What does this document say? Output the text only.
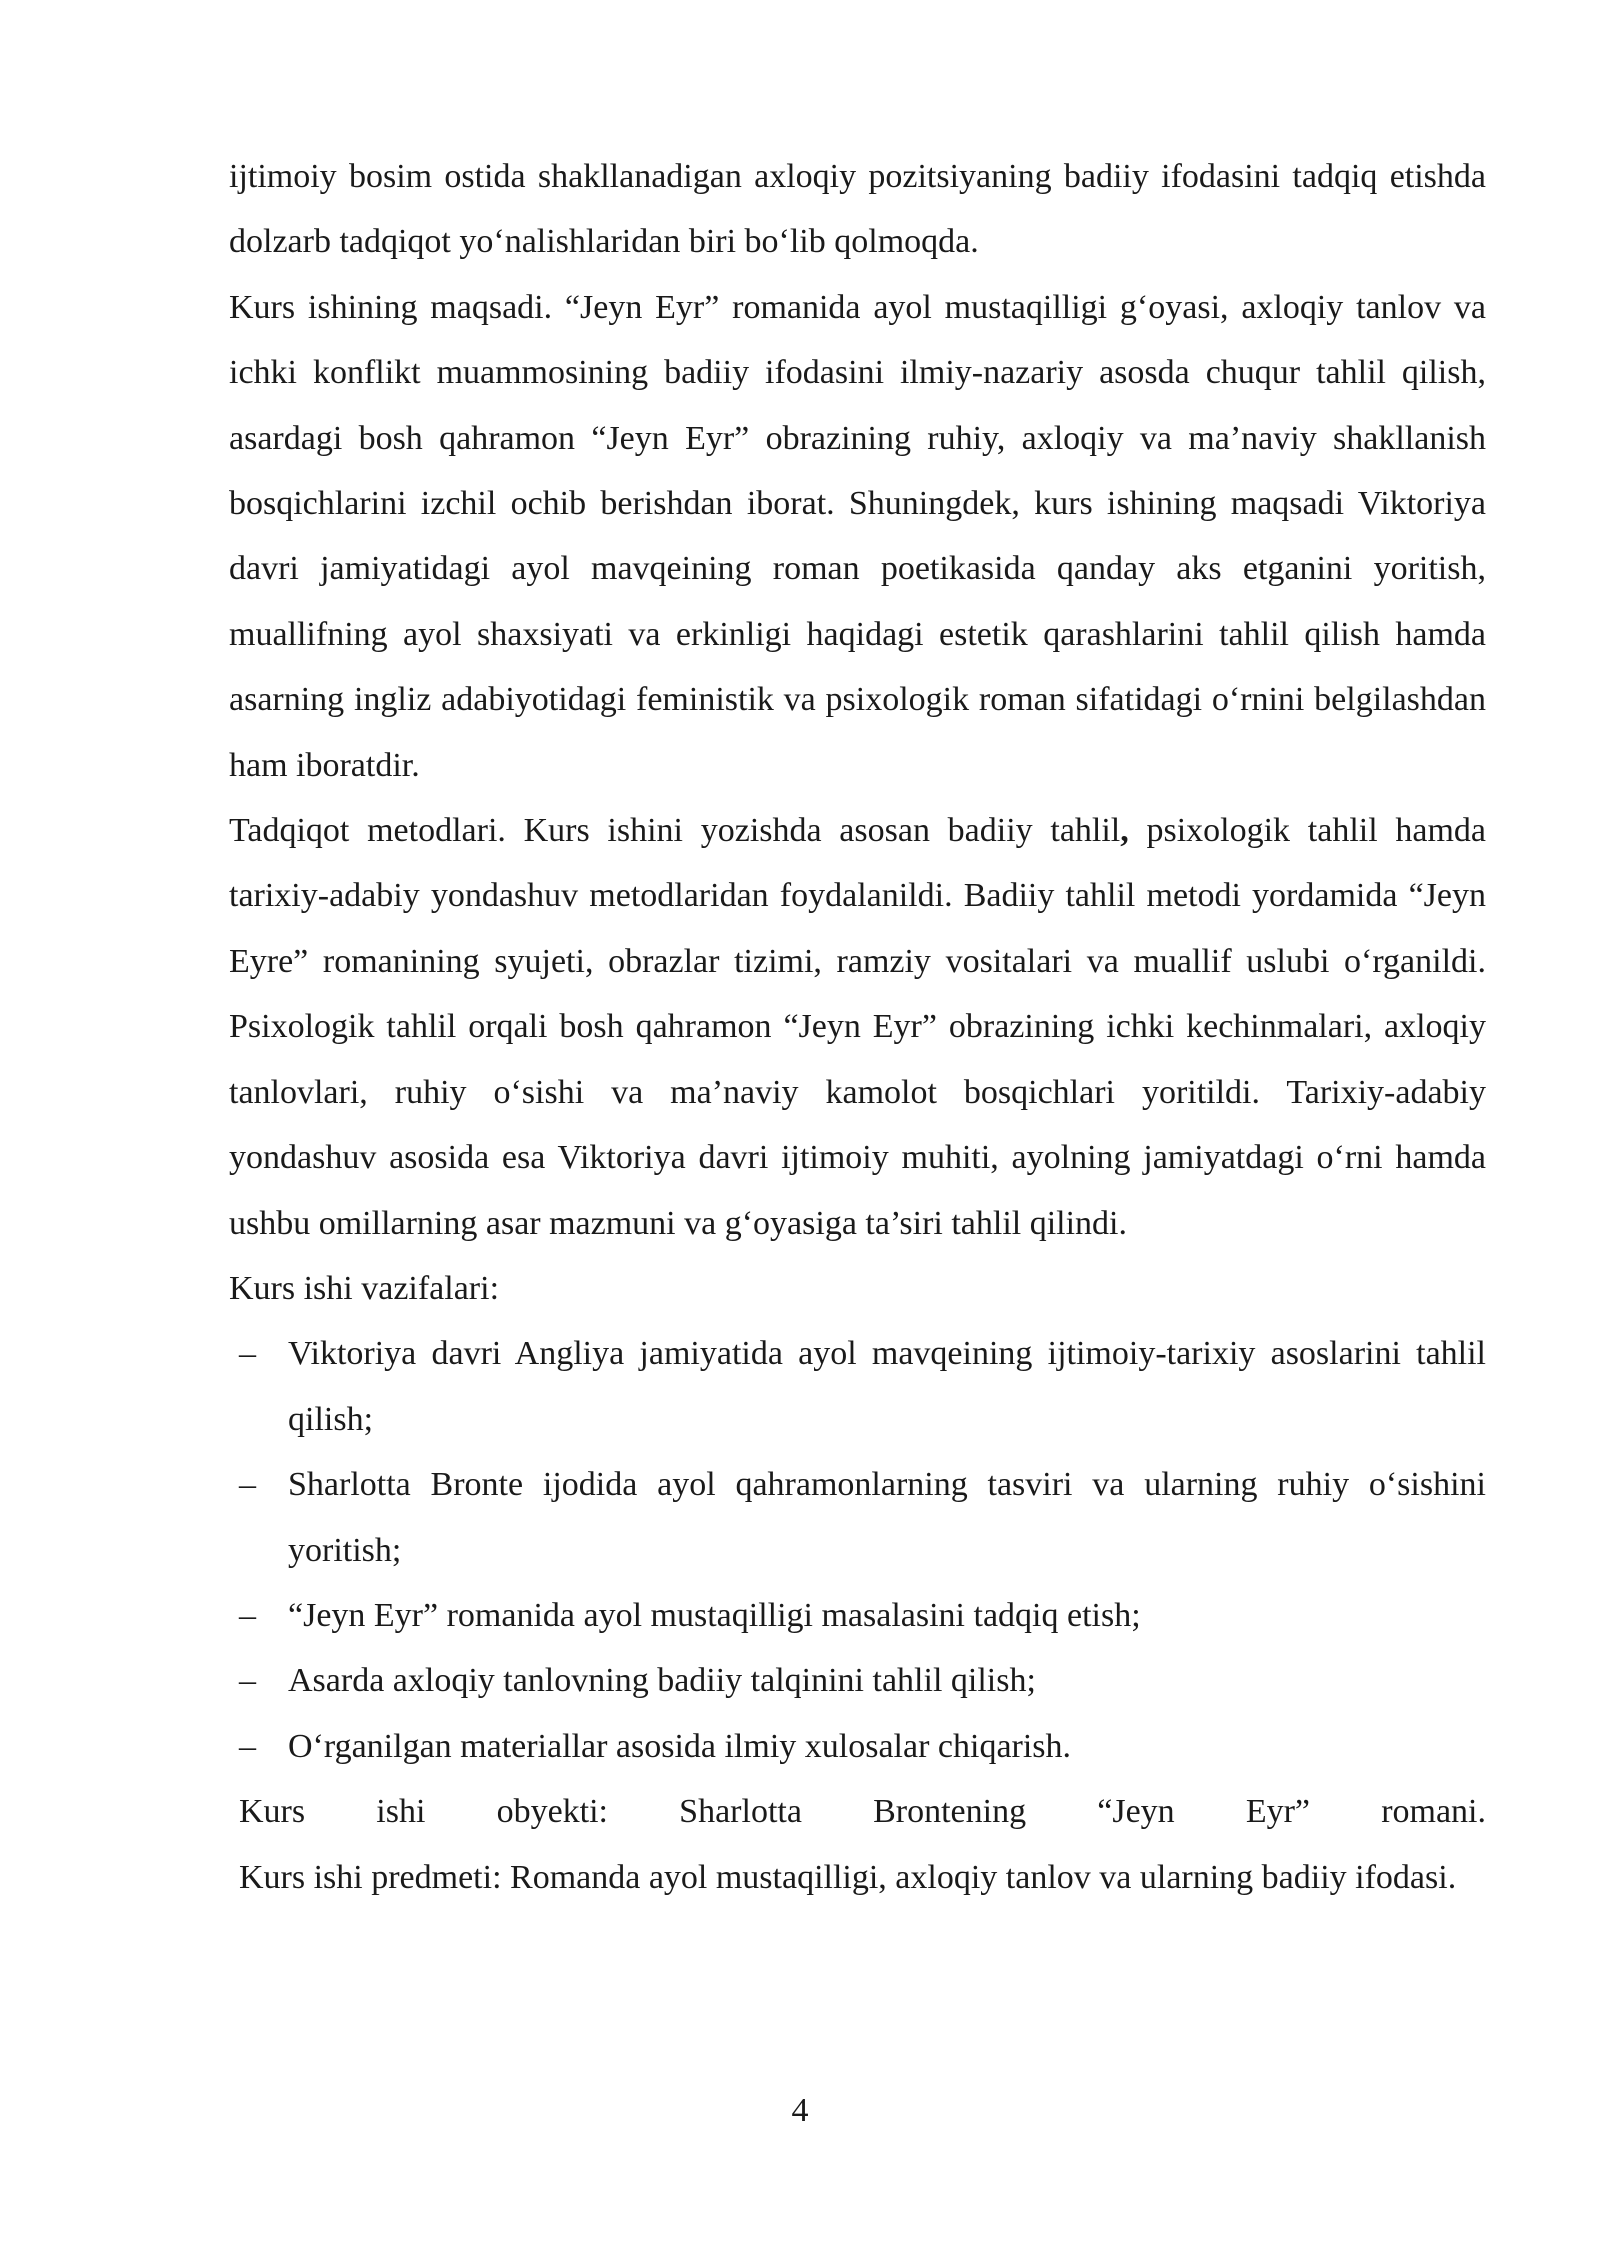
ijtimoiy bosim ostida shakllanadigan axloqiy pozitsiyaning badiiy ifodasini tadqiq etishda dolzarb tadqiqot yo‘nalishlaridan biri bo‘lib qolmoqda.

Kurs ishining maqsadi. “Jeyn Eyr” romanida ayol mustaqilligi g‘oyasi, axloqiy tanlov va ichki konflikt muammosining badiiy ifodasini ilmiy-nazariy asosda chuqur tahlil qilish, asardagi bosh qahramon “Jeyn Eyr” obrazining ruhiy, axloqiy va ma’naviy shakllanish bosqichlarini izchil ochib berishdan iborat. Shuningdek, kurs ishining maqsadi Viktoriya davri jamiyatidagi ayol mavqeining roman poetikasida qanday aks etganini yoritish, muallifning ayol shaxsiyati va erkinligi haqidagi estetik qarashlarini tahlil qilish hamda asarning ingliz adabiyotidagi feministik va psixologik roman sifatidagi o‘rnini belgilashdan ham iboratdir.

Tadqiqot metodlari. Kurs ishini yozishda asosan badiiy tahlil, psixologik tahlil hamda tarixiy-adabiy yondashuv metodlaridan foydalanildi. Badiiy tahlil metodi yordamida “Jeyn Eyre” romanining syujeti, obrazlar tizimi, ramziy vositalari va muallif uslubi o‘rganildi. Psixologik tahlil orqali bosh qahramon “Jeyn Eyr” obrazining ichki kechinmalari, axloqiy tanlovlari, ruhiy o‘sishi va ma’naviy kamolot bosqichlari yoritildi. Tarixiy-adabiy yondashuv asosida esa Viktoriya davri ijtimoiy muhiti, ayolning jamiyatdagi o‘rni hamda ushbu omillarning asar mazmuni va g‘oyasiga ta’siri tahlil qilindi.

Kurs ishi vazifalari:

– Viktoriya davri Angliya jamiyatida ayol mavqeining ijtimoiy-tarixiy asoslarini tahlil qilish;
– Sharlotta Bronte ijodida ayol qahramonlarning tasviri va ularning ruhiy o‘sishini yoritish;
– “Jeyn Eyr” romanida ayol mustaqilligi masalasini tadqiq etish;
– Asarda axloqiy tanlovning badiiy talqinini tahlil qilish;
– O‘rganilgan materiallar asosida ilmiy xulosalar chiqarish.

Kurs ishi obyekti: Sharlotta Brontening “Jeyn Eyr” romani.

Kurs ishi predmeti: Romanda ayol mustaqilligi, axloqiy tanlov va ularning badiiy ifodasi.

4
